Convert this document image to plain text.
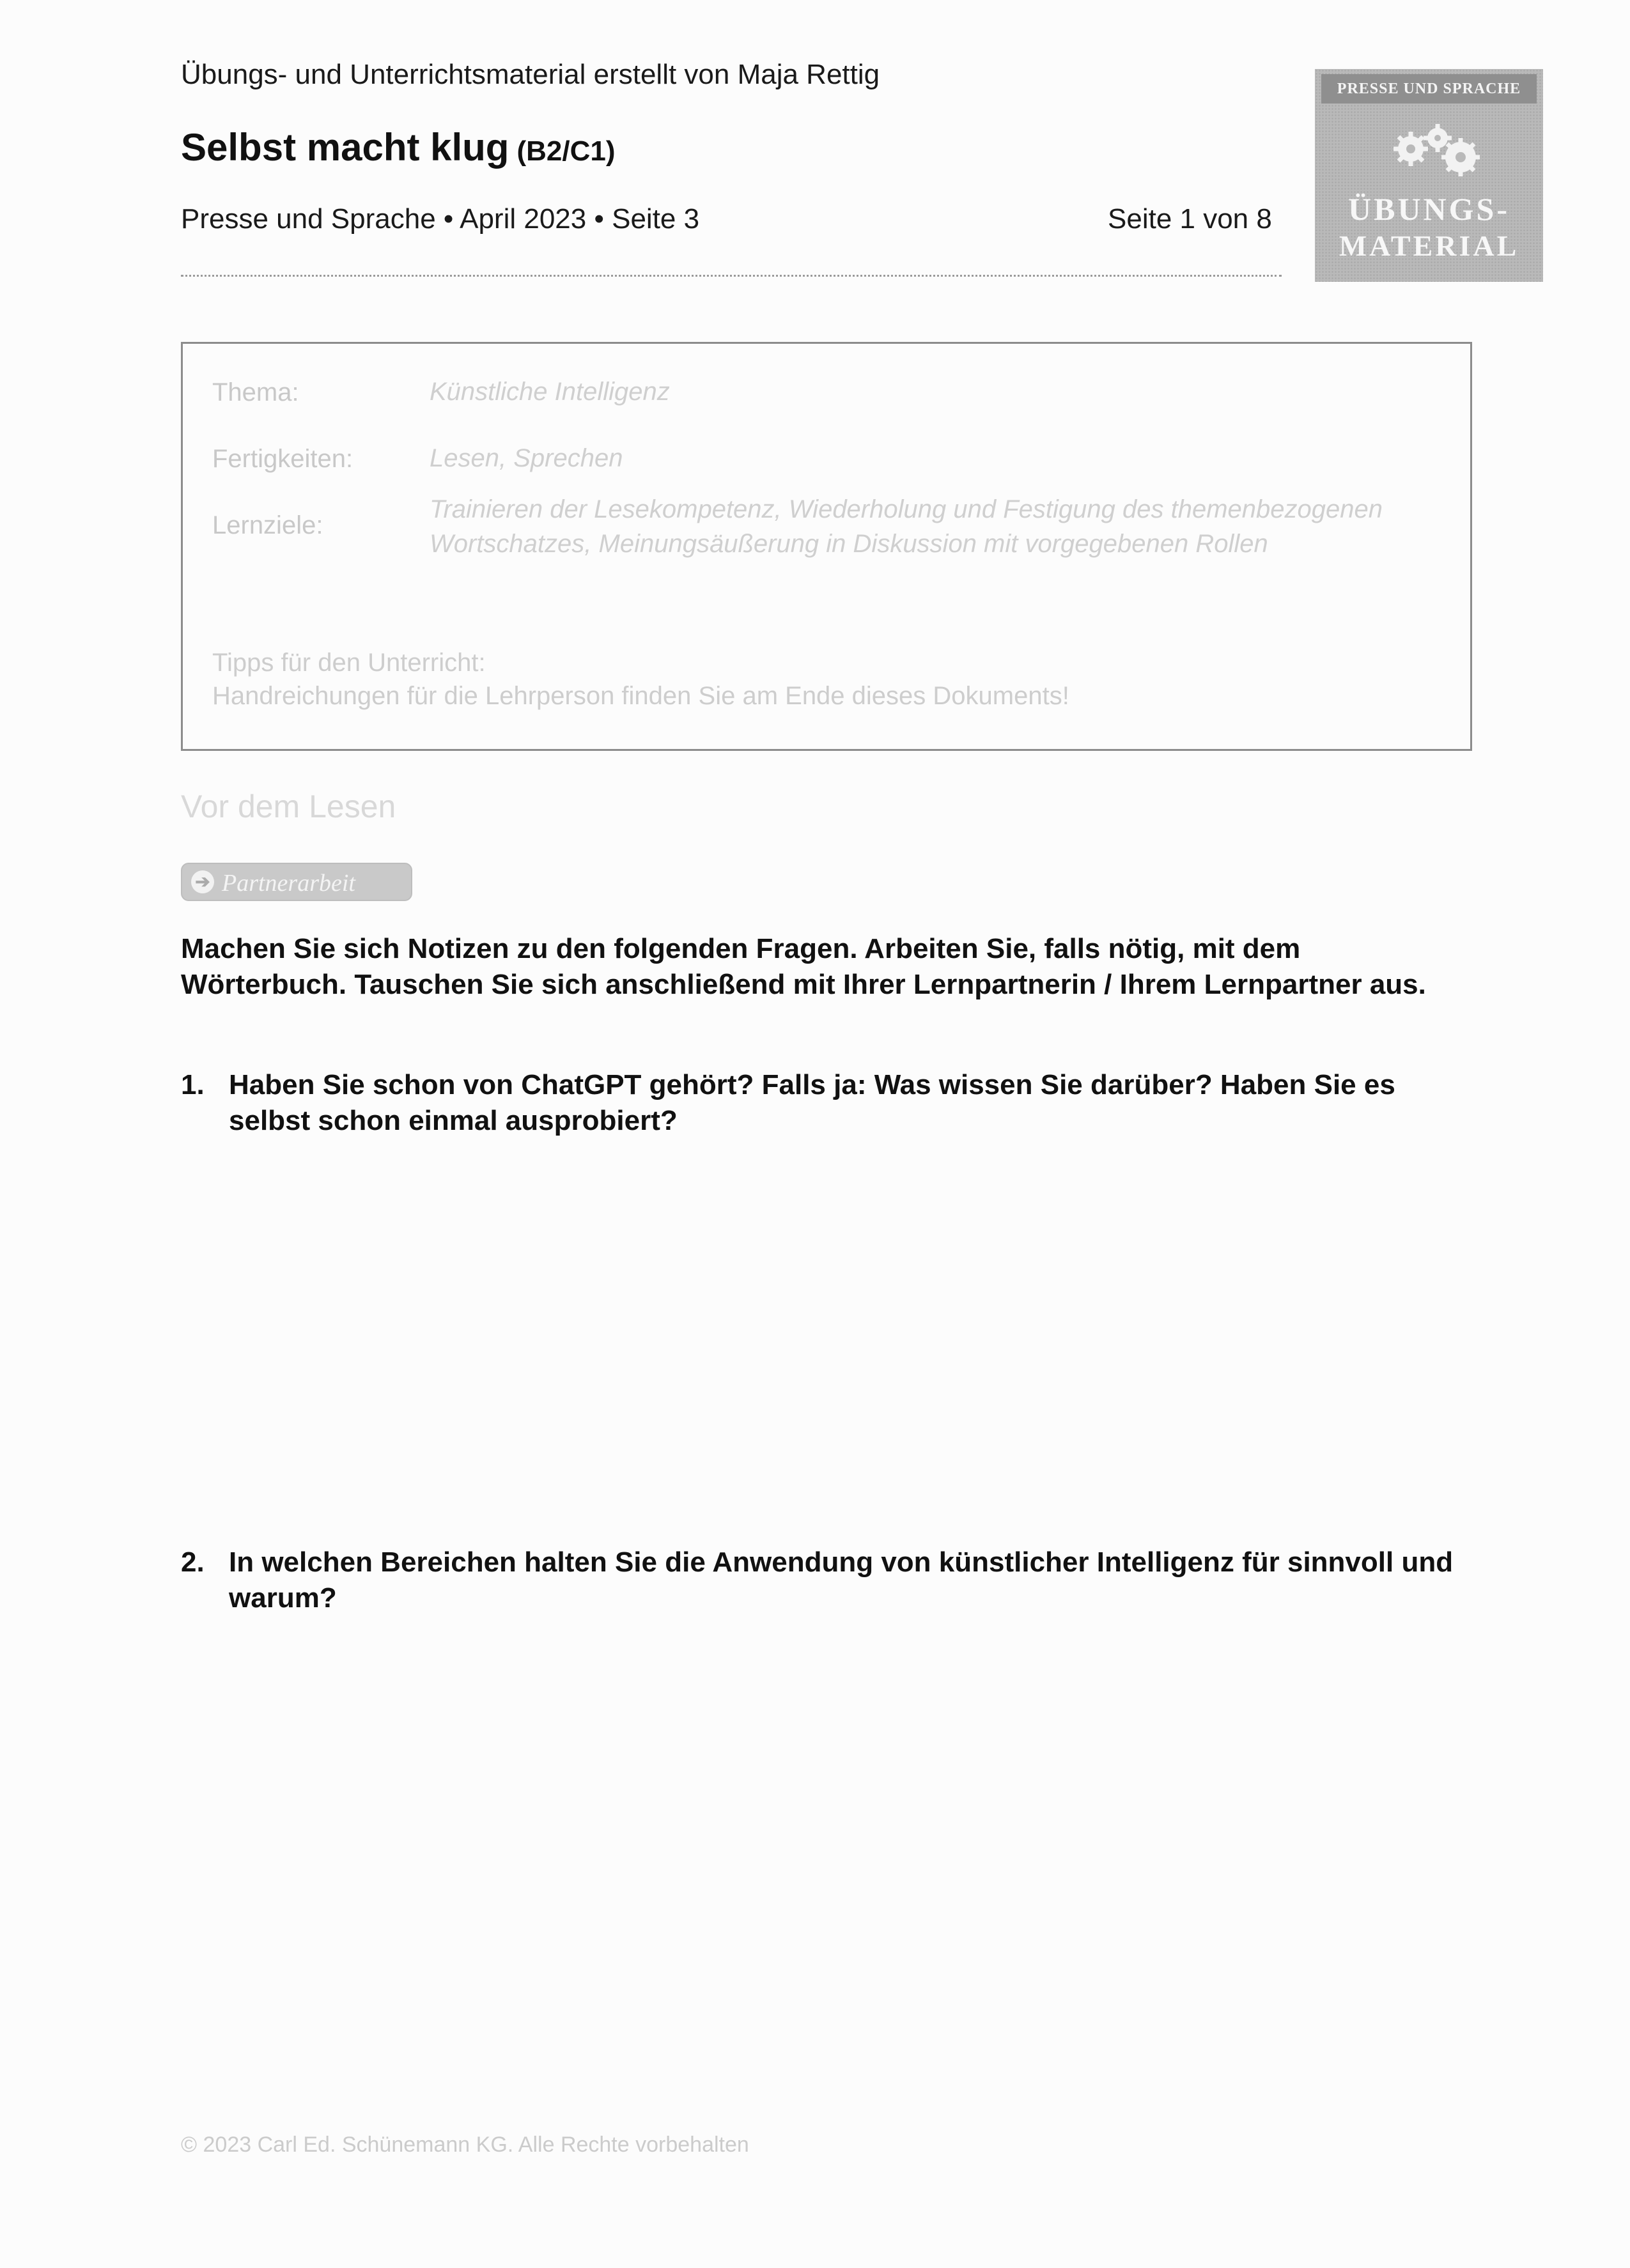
Übungs- und Unterrichtsmaterial erstellt von Maja Rettig
Selbst macht klug (B2/C1)
Presse und Sprache • April 2023 • Seite 3	Seite 1 von 8
PRESSE UND SPRACHE
ÜBUNGS-
MATERIAL
Thema:	Künstliche Intelligenz
Fertigkeiten:	Lesen, Sprechen
Lernziele:
Trainieren der Lesekompetenz, Wiederholung und Festigung des themenbezogenen Wortschatzes, Meinungsäußerung in Diskussion mit vorgegebenen Rollen
Tipps für den Unterricht:
Handreichungen für die Lehrperson finden Sie am Ende dieses Dokuments!
Vor dem Lesen
➔ Partnerarbeit
Machen Sie sich Notizen zu den folgenden Fragen. Arbeiten Sie, falls nötig, mit dem Wörterbuch. Tauschen Sie sich anschließend mit Ihrer Lernpartnerin / Ihrem Lernpartner aus.
1. Haben Sie schon von ChatGPT gehört? Falls ja: Was wissen Sie darüber? Haben Sie es selbst schon einmal ausprobiert?
2. In welchen Bereichen halten Sie die Anwendung von künstlicher Intelligenz für sinnvoll und warum?
© 2023 Carl Ed. Schünemann KG. Alle Rechte vorbehalten
